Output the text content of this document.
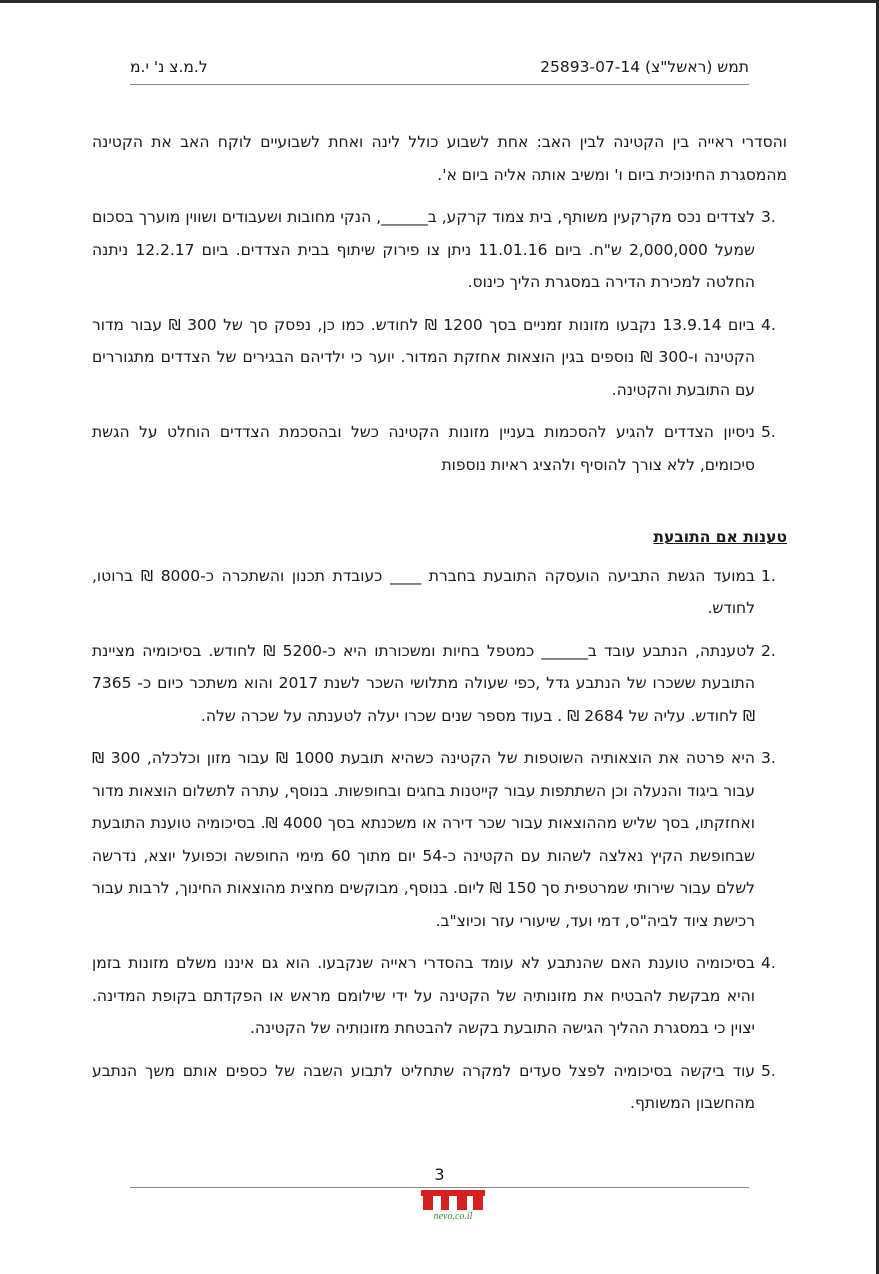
תמש (ראשל"צ) 25893-07-14
ל.מ.צ נ' י.מ

והסדרי ראייה בין הקטינה לבין האב: אחת לשבוע כולל לינה ואחת לשבועיים לוקח האב את הקטינה מהמסגרת החינוכית ביום ו' ומשיב אותה אליה ביום א'.

3.
לצדדים נכס מקרקעין משותף, בית צמוד קרקע, ב______, הנקי מחובות ושעבודים ושווין מוערך בסכום שמעל 2,000,000 ש"ח. ביום 11.01.16 ניתן צו פירוק שיתוף בבית הצדדים. ביום 12.2.17 ניתנה החלטה למכירת הדירה במסגרת הליך כינוס.
4.
ביום 13.9.14 נקבעו מזונות זמניים בסך 1200 ₪ לחודש. כמו כן, נפסק סך של 300 ₪ עבור מדור הקטינה ו-300 ₪ נוספים בגין הוצאות אחזקת המדור. יוער כי ילדיהם הבגירים של הצדדים מתגוררים עם התובעת והקטינה.
5.
ניסיון הצדדים להגיע להסכמות בעניין מזונות הקטינה כשל ובהסכמת הצדדים הוחלט על הגשת סיכומים, ללא צורך להוסיף ולהציג ראיות נוספות
טענות אם התובעת
1.
במועד הגשת התביעה הועסקה התובעת בחברת ____ כעובדת תכנון והשתכרה כ-8000 ₪ ברוטו, לחודש.
2.
לטענתה, הנתבע עובד ב______ כמטפל בחיות ומשכורתו היא כ-5200 ₪ לחודש. בסיכומיה מציינת התובעת ששכרו של הנתבע גדל ,כפי שעולה מתלושי השכר לשנת 2017 והוא משתכר כיום כ- 7365 ₪ לחודש. עליה של 2684 ₪ . בעוד מספר שנים שכרו יעלה לטענתה על שכרה שלה.
3.
היא פרטה את הוצאותיה השוטפות של הקטינה כשהיא תובעת 1000 ₪ עבור מזון וכלכלה, 300 ₪ עבור ביגוד והנעלה וכן השתתפות עבור קייטנות בחגים ובחופשות. בנוסף, עתרה לתשלום הוצאות מדור ואחזקתו, בסך שליש מההוצאות עבור שכר דירה או משכנתא בסך 4000 ₪. בסיכומיה טוענת התובעת שבחופשת הקיץ נאלצה לשהות עם הקטינה כ-54 יום מתוך 60 מימי החופשה וכפועל יוצא, נדרשה לשלם עבור שירותי שמרטפית סך 150 ₪ ליום. בנוסף, מבוקשים מחצית מהוצאות החינוך, לרבות עבור רכישת ציוד לביה"ס, דמי ועד, שיעורי עזר וכיוצ"ב.
4.
בסיכומיה טוענת האם שהנתבע לא עומד בהסדרי ראייה שנקבעו. הוא גם איננו משלם מזונות בזמן והיא מבקשת להבטיח את מזונותיה של הקטינה על ידי שילומם מראש או הפקדתם בקופת המדינה. יצוין כי במסגרת ההליך הגישה התובעת בקשה להבטחת מזונותיה של הקטינה.
5.
עוד ביקשה בסיכומיה לפצל סעדים למקרה שתחליט לתבוע השבה של כספים אותם משך הנתבע מהחשבון המשותף.
3
nevo.co.il
